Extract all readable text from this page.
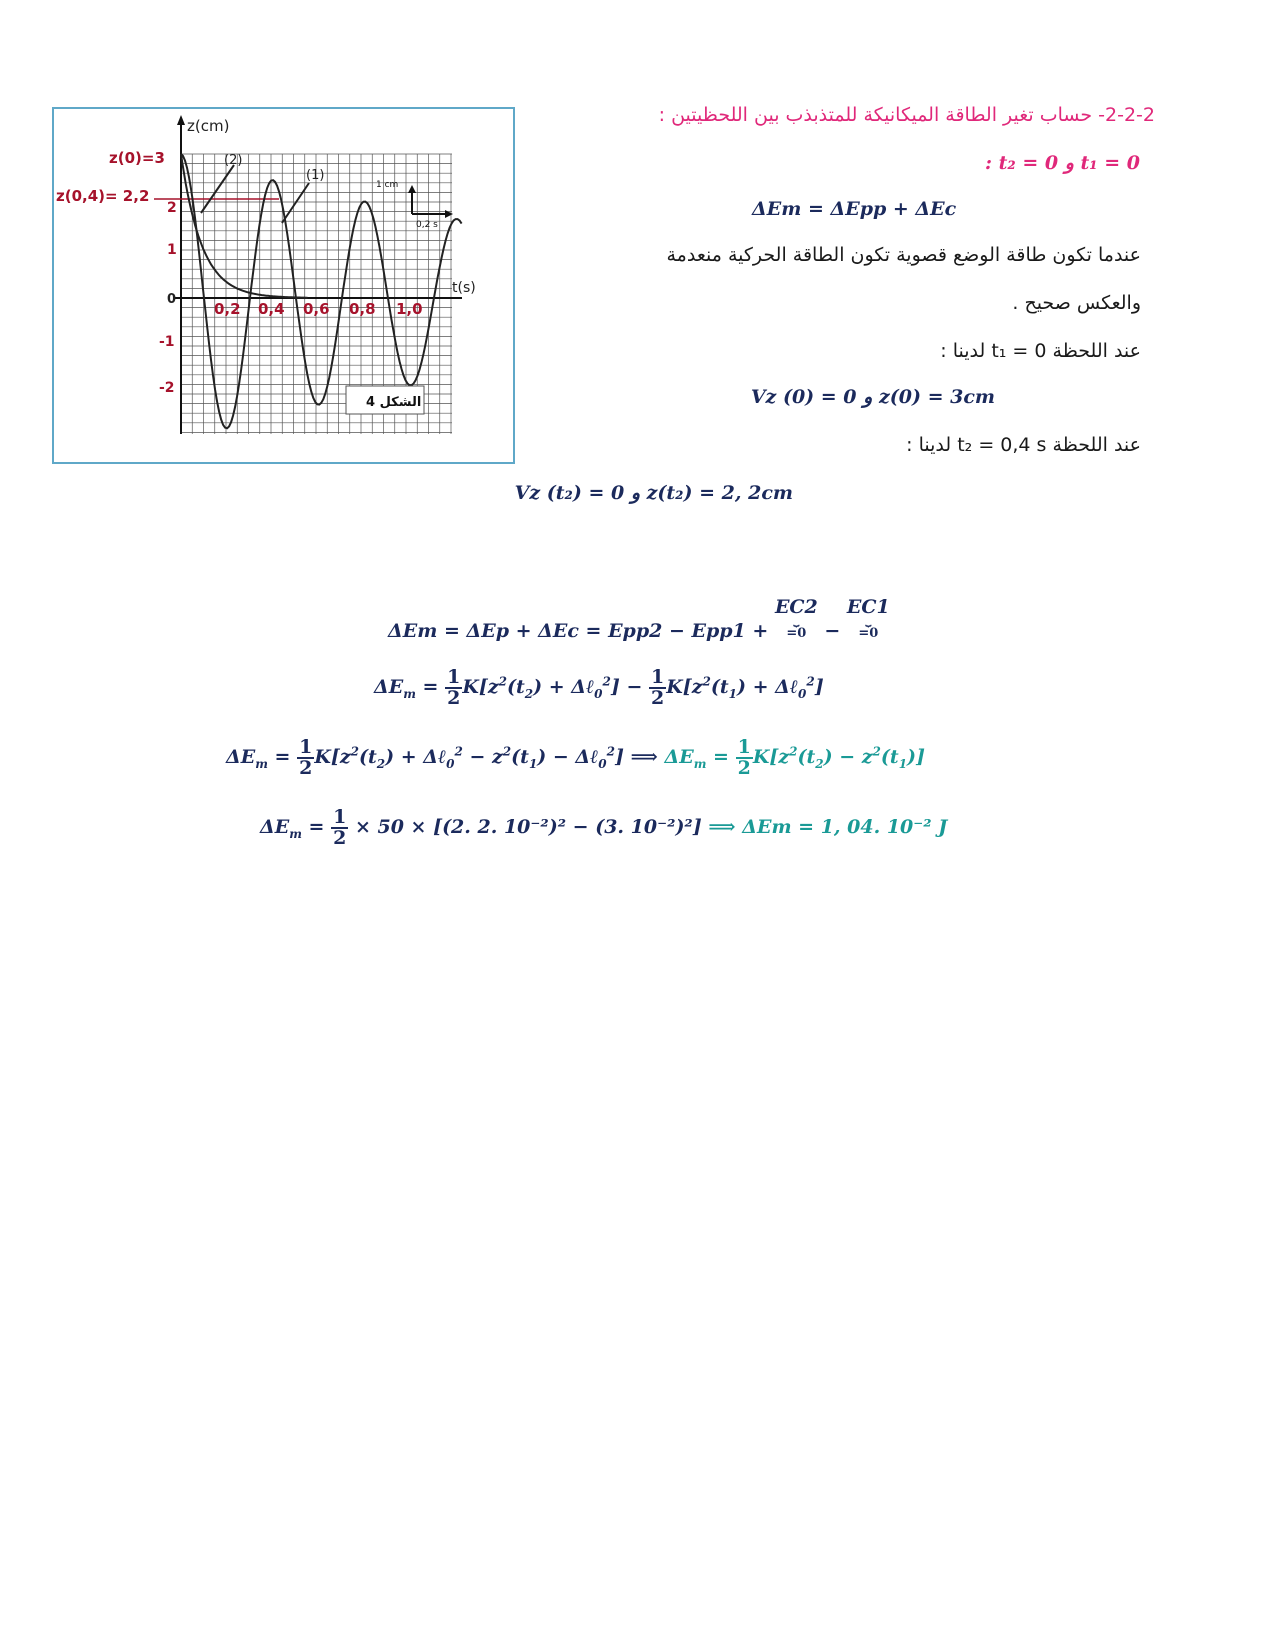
z(cm)
t(s)
z(0)=3
z(0,4)= 2,2
2
1
0
-1
-2
0,2 0,4 0,6 0,8 1,0
(2)
(1)
1 cm
0,2 s
الشكل 4
2-2-2- حساب تغير الطاقة الميكانيكة للمتذبذب بين اللحظيتين :
: t₂ = 0 و t₁ = 0
ΔEm = ΔEpp + ΔEc
عندما تكون طاقة الوضع قصوية تكون الطاقة الحركية منعدمة
والعكس صحيح .
عند اللحظة t₁ = 0 لدينا :
Vz (0) = 0 و z(0) = 3cm
عند اللحظة t₂ = 0,4 s لدينا :
Vz (t₂) = 0 و z(t₂) = 2, 2cm
ΔEm = ΔEp + ΔEc = Epp2 − Epp1 + EC2
⏟
=0 − EC1
⏟
=0
$\Delta E_m = \frac{1}{2} K[z^2(t_2)$ + Δℓ$_0^2$] − $\frac{1}{2} K[z^2(t_1)$ + Δℓ$_0^2$]
$\Delta E_m = \frac{1}{2} K[z^2(t_2)$ + Δℓ$_0^2$ − $z^2(t_1)$ − Δℓ$_0^2$] ⟹ $\Delta E_m = \frac{1}{2} K[z^2(t_2) - z^2(t_1)]$
$\Delta E_m = \frac{1}{2} \times 50 \times [(2$. 2. 10⁻²)² − (3. 10⁻²)²] ⟹ ΔEm = 1, 04. 10⁻² J
